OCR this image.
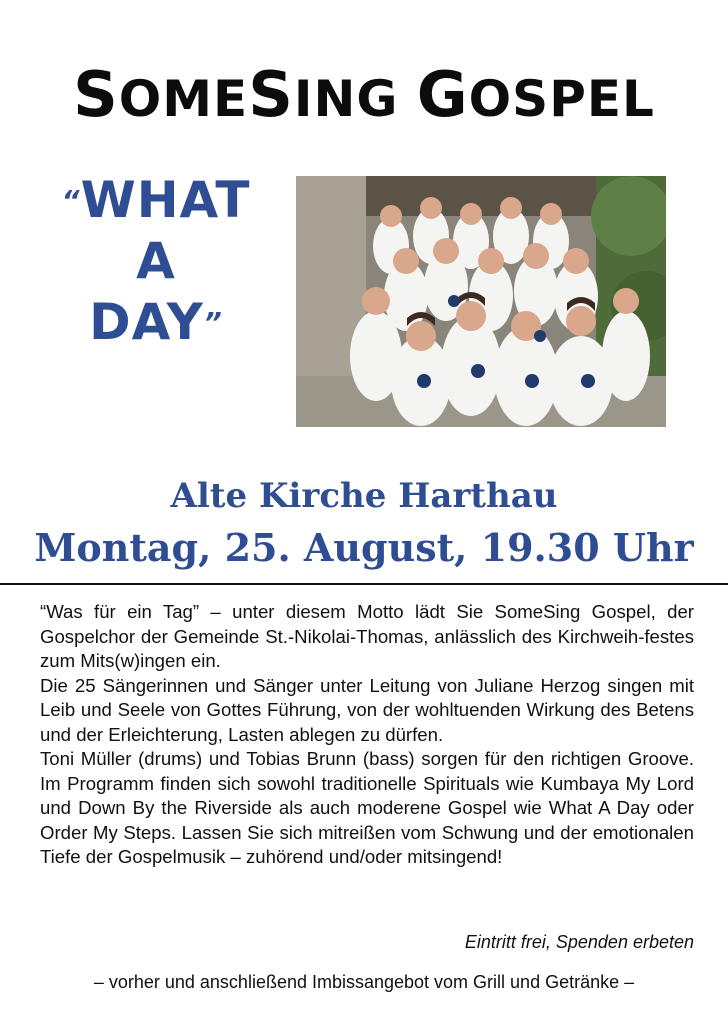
SOMESING GOSPEL
“WHAT
A
DAY”
Alte Kirche Harthau
Montag, 25. August, 19.30 Uhr

“Was für ein Tag” – unter diesem Motto lädt Sie SomeSing Gospel, der Gospelchor der Gemeinde St.-Nikolai-Thomas, anlässlich des Kirchweih-festes zum Mits(w)ingen ein.

Die 25 Sängerinnen und Sänger unter Leitung von Juliane Herzog singen mit Leib und Seele von Gottes Führung, von der wohltuenden Wirkung des Betens und der Erleichterung, Lasten ablegen zu dürfen.

Toni Müller (drums) und Tobias Brunn (bass) sorgen für den richtigen Groove. Im Programm finden sich sowohl traditionelle Spirituals wie Kumbaya My Lord und Down By the Riverside als auch moderene Gospel wie What A Day oder Order My Steps. Lassen Sie sich mitreißen vom Schwung und der emotionalen Tiefe der Gospelmusik – zuhörend und/oder mitsingend!

Eintritt frei, Spenden erbeten
– vorher und anschließend Imbissangebot vom Grill und Getränke –
